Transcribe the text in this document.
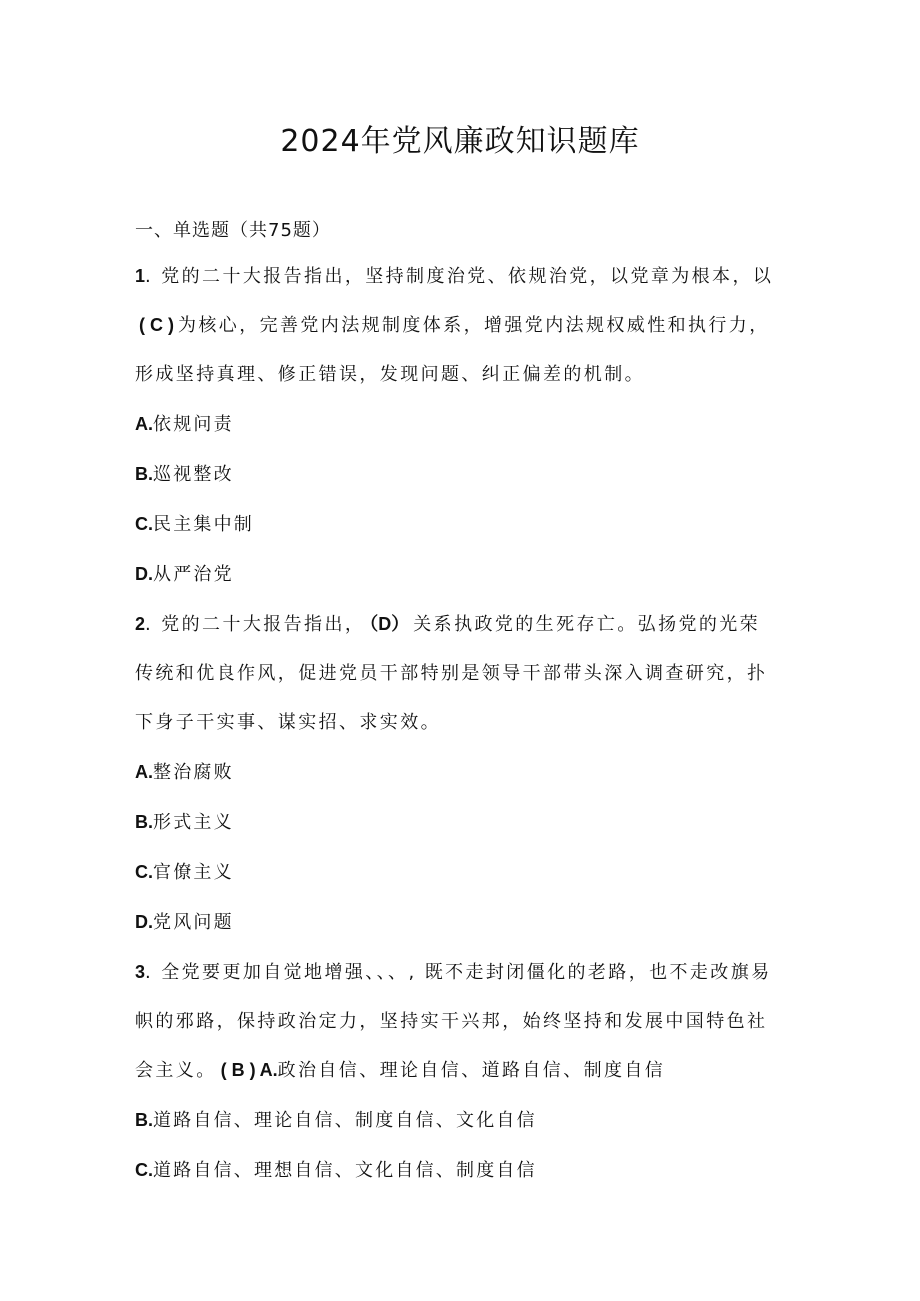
2024年党风廉政知识题库
一、单选题（共75题）
1. 党的二十大报告指出，坚持制度治党、依规治党，以党章为根本，以( C ) 为核心，完善党内法规制度体系，增强党内法规权威性和执行力，形成坚持真理、修正错误，发现问题、纠正偏差的机制。
A.依规问责
B.巡视整改
C.民主集中制
D.从严治党
2. 党的二十大报告指出， （D） 关系执政党的生死存亡。弘扬党的光荣传统和优良作风，促进党员干部特别是领导干部带头深入调查研究，扑下身子干实事、谋实招、求实效。
A.整治腐败
B.形式主义
C.官僚主义
D.党风问题
3. 全党要更加自觉地增强、、、, 既不走封闭僵化的老路，也不走改旗易帜的邪路，保持政治定力，坚持实干兴邦，始终坚持和发展中国特色社会主义。 ( B ) A.政治自信、理论自信、道路自信、制度自信
B.道路自信、理论自信、制度自信、文化自信
C.道路自信、理想自信、文化自信、制度自信
